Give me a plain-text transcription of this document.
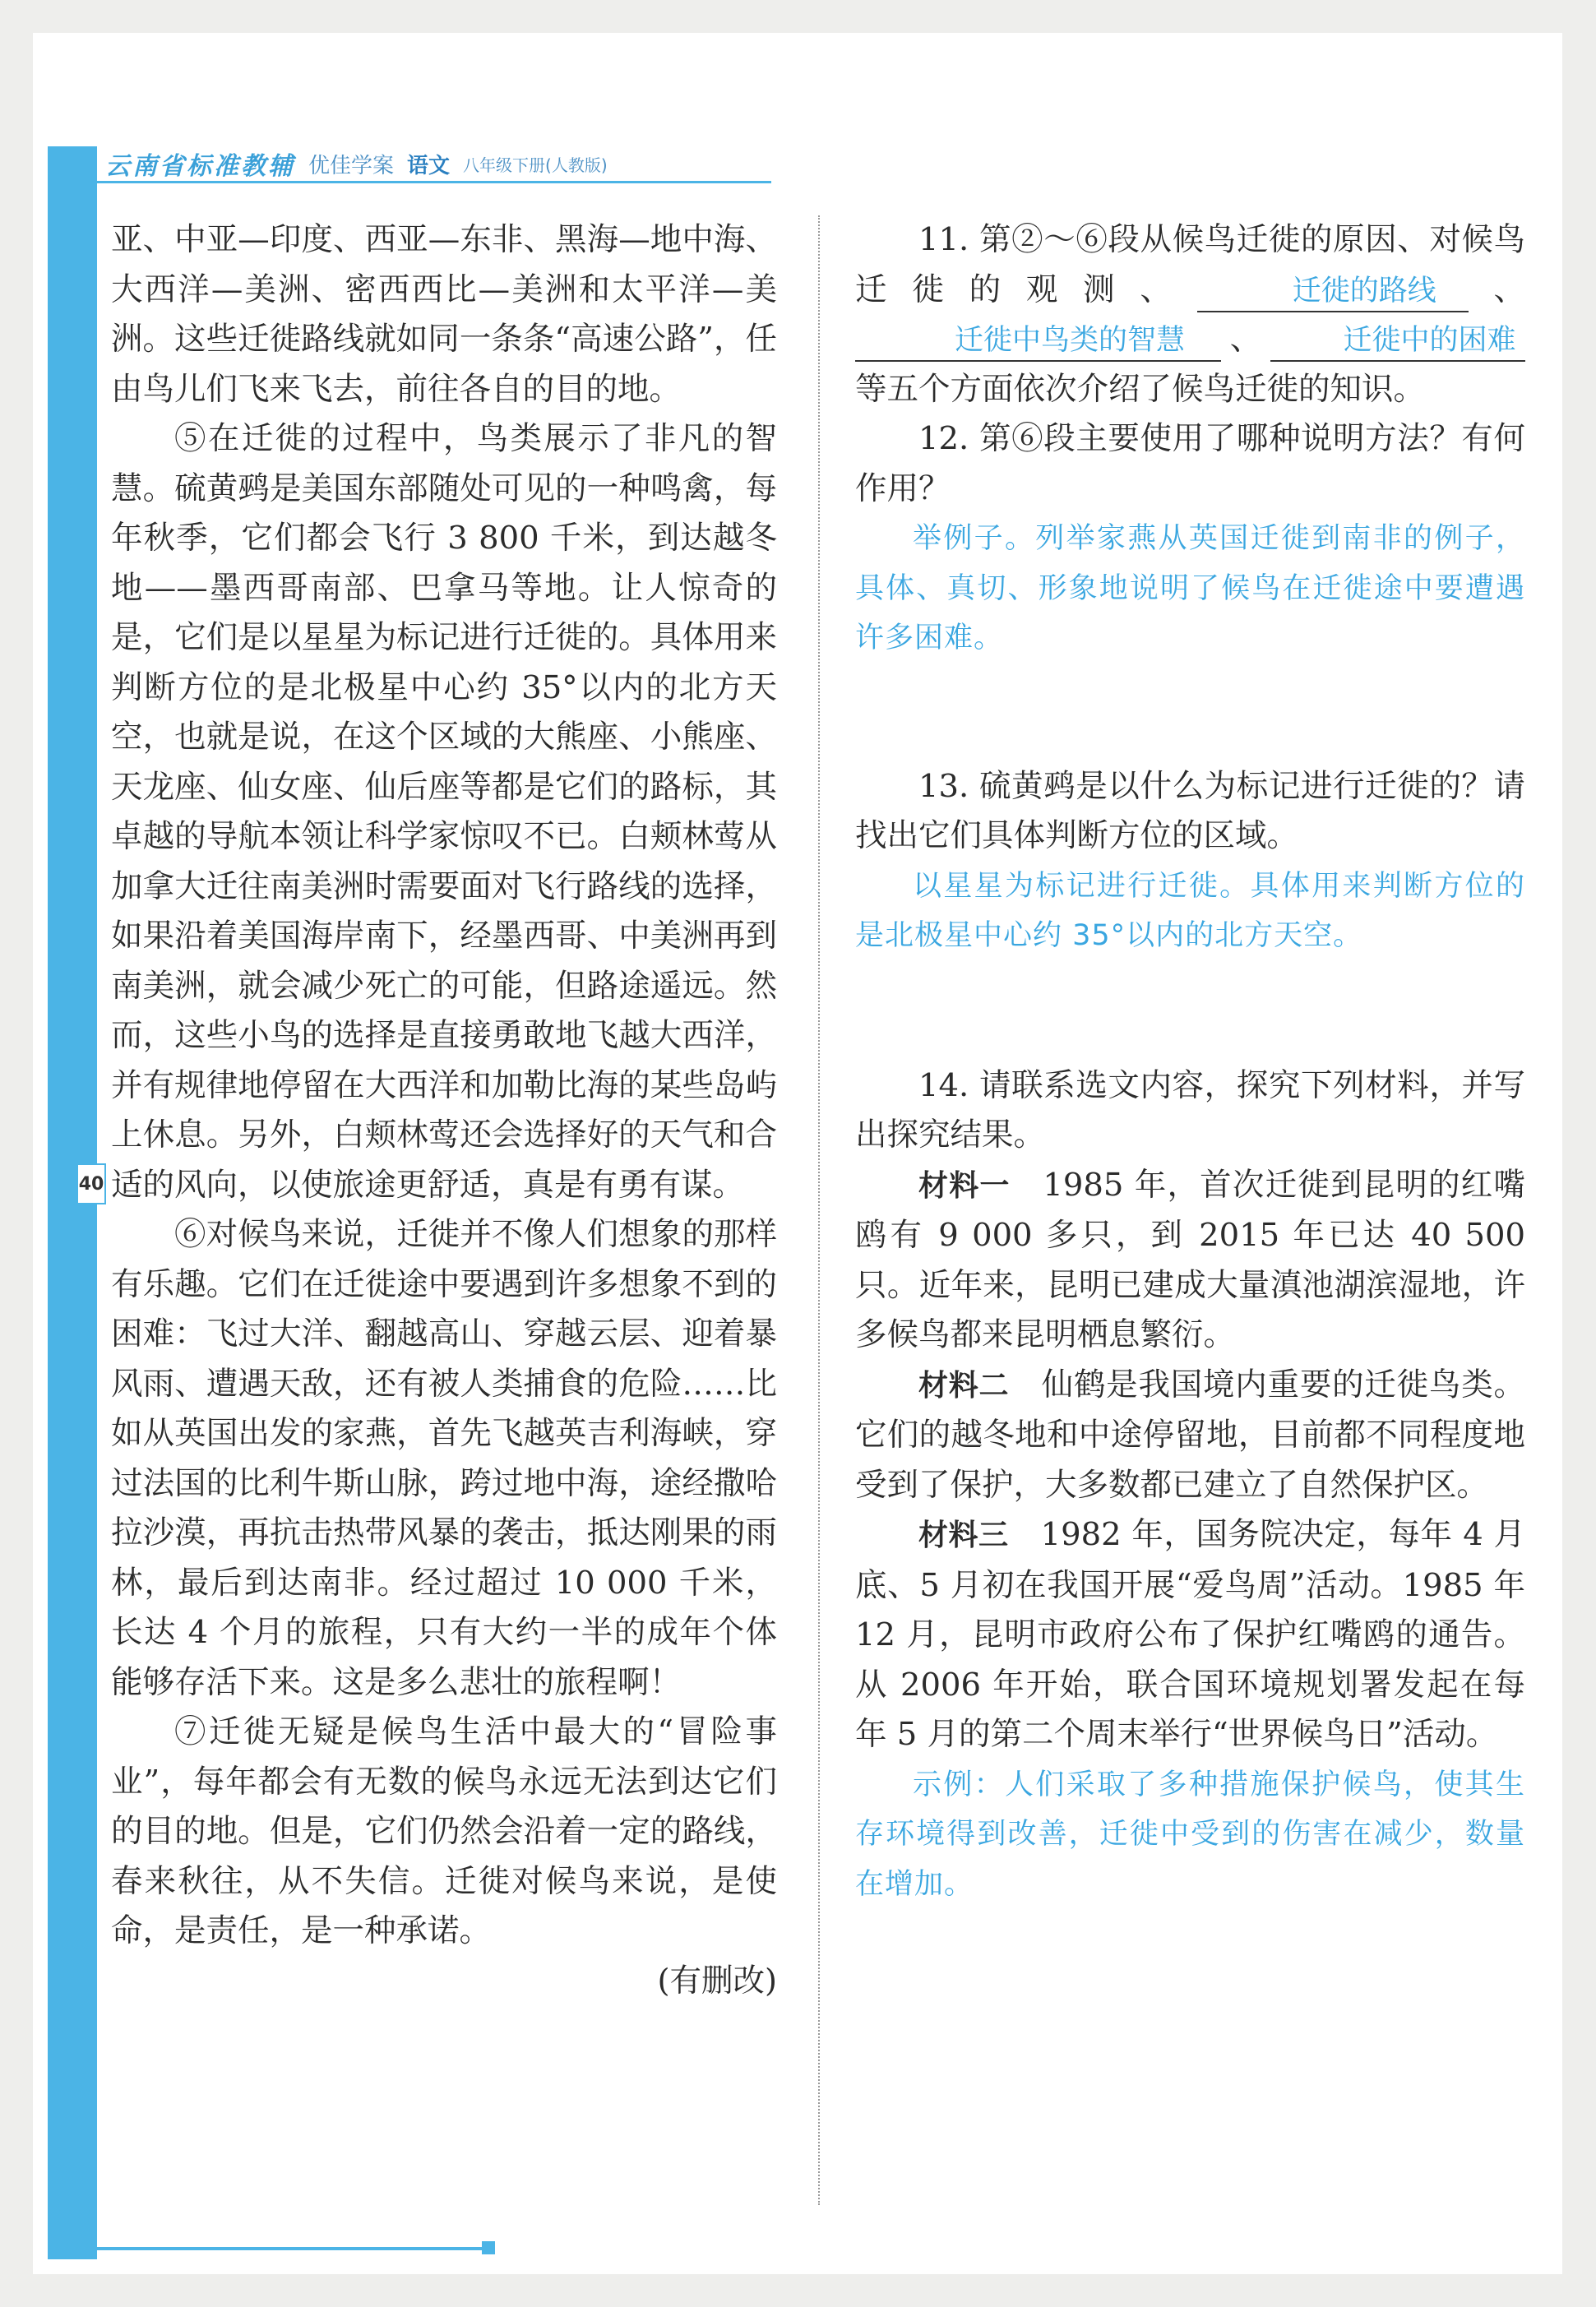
40
云南省标准教辅 优佳学案 语文 八年级下册(人教版)

亚、中亚—印度、西亚—东非、黑海—地中海、大西洋—美洲、密西西比—美洲和太平洋—美洲。这些迁徙路线就如同一条条“高速公路”，任由鸟儿们飞来飞去，前往各自的目的地。

⑤在迁徙的过程中，鸟类展示了非凡的智慧。硫黄鹀是美国东部随处可见的一种鸣禽，每年秋季，它们都会飞行 3 800 千米，到达越冬地——墨西哥南部、巴拿马等地。让人惊奇的是，它们是以星星为标记进行迁徙的。具体用来判断方位的是北极星中心约 35°以内的北方天空，也就是说，在这个区域的大熊座、小熊座、天龙座、仙女座、仙后座等都是它们的路标，其卓越的导航本领让科学家惊叹不已。白颊林莺从加拿大迁往南美洲时需要面对飞行路线的选择，如果沿着美国海岸南下，经墨西哥、中美洲再到南美洲，就会减少死亡的可能，但路途遥远。然而，这些小鸟的选择是直接勇敢地飞越大西洋，并有规律地停留在大西洋和加勒比海的某些岛屿上休息。另外，白颊林莺还会选择好的天气和合适的风向，以使旅途更舒适，真是有勇有谋。

⑥对候鸟来说，迁徙并不像人们想象的那样有乐趣。它们在迁徙途中要遇到许多想象不到的困难：飞过大洋、翻越高山、穿越云层、迎着暴风雨、遭遇天敌，还有被人类捕食的危险……比如从英国出发的家燕，首先飞越英吉利海峡，穿过法国的比利牛斯山脉，跨过地中海，途经撒哈拉沙漠，再抗击热带风暴的袭击，抵达刚果的雨林，最后到达南非。经过超过 10 000 千米，长达 4 个月的旅程，只有大约一半的成年个体能够存活下来。这是多么悲壮的旅程啊！

⑦迁徙无疑是候鸟生活中最大的“冒险事业”，每年都会有无数的候鸟永远无法到达它们的目的地。但是，它们仍然会沿着一定的路线，春来秋往，从不失信。迁徙对候鸟来说，是使命，是责任，是一种承诺。

(有删改)

11. 第②～⑥段从候鸟迁徙的原因、对候鸟迁徙的观测、	迁徙的路线 、迁徙中鸟类的智慧 、	迁徙中的困难等五个方面依次介绍了候鸟迁徙的知识。

12. 第⑥段主要使用了哪种说明方法？有何作用？

举例子。列举家燕从英国迁徙到南非的例子，具体、真切、形象地说明了候鸟在迁徙途中要遭遇许多困难。

13. 硫黄鹀是以什么为标记进行迁徙的？请找出它们具体判断方位的区域。

以星星为标记进行迁徙。具体用来判断方位的是北极星中心约 35°以内的北方天空。

14. 请联系选文内容，探究下列材料，并写出探究结果。

材料一　1985 年，首次迁徙到昆明的红嘴鸥有 9 000 多只，到 2015 年已达 40 500 只。近年来，昆明已建成大量滇池湖滨湿地，许多候鸟都来昆明栖息繁衍。

材料二　仙鹤是我国境内重要的迁徙鸟类。它们的越冬地和中途停留地，目前都不同程度地受到了保护，大多数都已建立了自然保护区。

材料三　1982 年，国务院决定，每年 4 月底、5 月初在我国开展“爱鸟周”活动。1985 年 12 月，昆明市政府公布了保护红嘴鸥的通告。从 2006 年开始，联合国环境规划署发起在每年 5 月的第二个周末举行“世界候鸟日”活动。

示例：人们采取了多种措施保护候鸟，使其生存环境得到改善，迁徙中受到的伤害在减少，数量在增加。
